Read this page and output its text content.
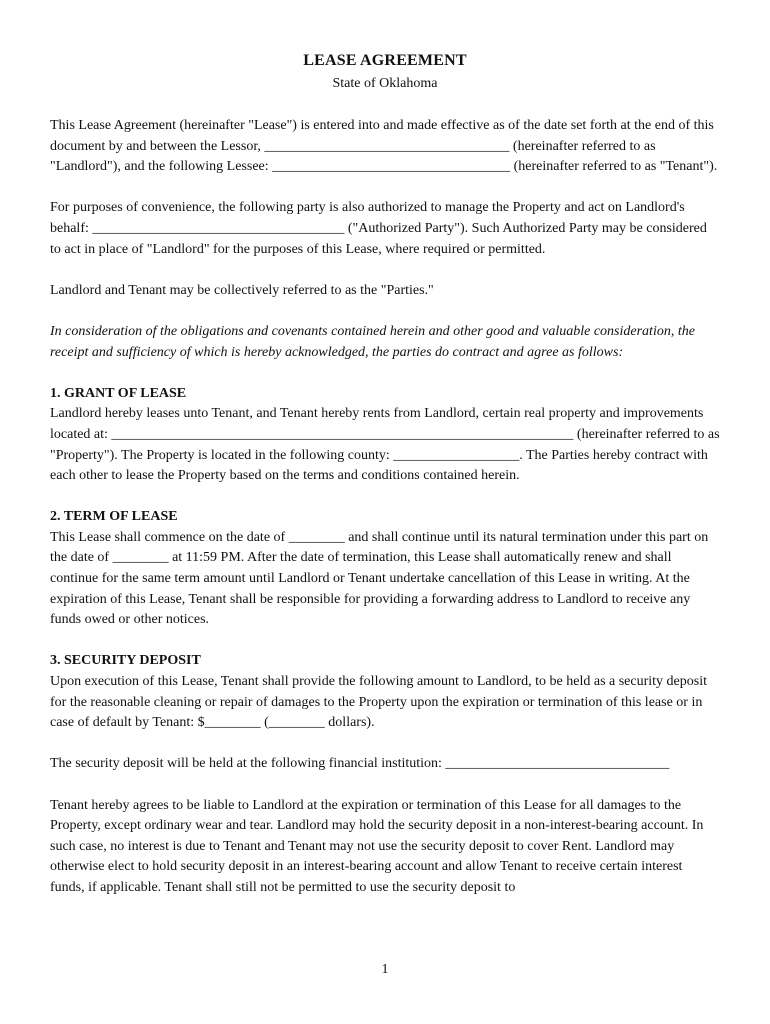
LEASE AGREEMENT
State of Oklahoma

This Lease Agreement (hereinafter "Lease") is entered into and made effective as of the date set forth at the end of this document by and between the Lessor, ___________________________________ (hereinafter referred to as "Landlord"), and the following Lessee: __________________________________ (hereinafter referred to as "Tenant").

For purposes of convenience, the following party is also authorized to manage the Property and act on Landlord's behalf: ____________________________________ ("Authorized Party"). Such Authorized Party may be considered to act in place of "Landlord" for the purposes of this Lease, where required or permitted.

Landlord and Tenant may be collectively referred to as the "Parties."

In consideration of the obligations and covenants contained herein and other good and valuable consideration, the receipt and sufficiency of which is hereby acknowledged, the parties do contract and agree as follows:

1. GRANT OF LEASE

Landlord hereby leases unto Tenant, and Tenant hereby rents from Landlord, certain real property and improvements located at: __________________________________________________________________ (hereinafter referred to as "Property"). The Property is located in the following county: __________________. The Parties hereby contract with each other to lease the Property based on the terms and conditions contained herein.

2. TERM OF LEASE

This Lease shall commence on the date of ________ and shall continue until its natural termination under this part on the date of ________ at 11:59 PM. After the date of termination, this Lease shall automatically renew and shall continue for the same term amount until Landlord or Tenant undertake cancellation of this Lease in writing. At the expiration of this Lease, Tenant shall be responsible for providing a forwarding address to Landlord to receive any funds owed or other notices.

3. SECURITY DEPOSIT

Upon execution of this Lease, Tenant shall provide the following amount to Landlord, to be held as a security deposit for the reasonable cleaning or repair of damages to the Property upon the expiration or termination of this lease or in case of default by Tenant: $________ (________ dollars).

The security deposit will be held at the following financial institution: ________________________________

Tenant hereby agrees to be liable to Landlord at the expiration or termination of this Lease for all damages to the Property, except ordinary wear and tear. Landlord may hold the security deposit in a non-interest-bearing account. In such case, no interest is due to Tenant and Tenant may not use the security deposit to cover Rent. Landlord may otherwise elect to hold security deposit in an interest-bearing account and allow Tenant to receive certain interest funds, if applicable. Tenant shall still not be permitted to use the security deposit to

1
